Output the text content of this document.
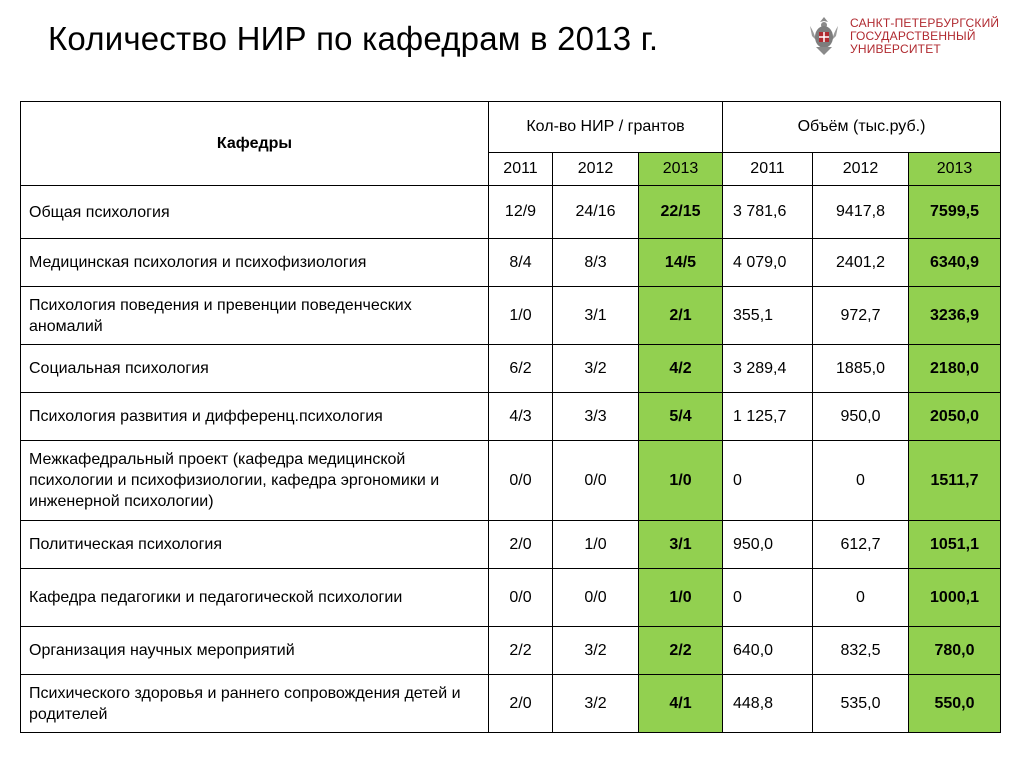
Количество НИР по кафедрам в 2013 г.	САНКТ-ПЕТЕРБУРГСКИЙ
ГОСУДАРСТВЕННЫЙ
УНИВЕРСИТЕТ
Кафедры	Кол-во НИР / грантов			Объём (тыс.руб.)		
	2011	2012	2013	2011	2012	2013
Общая психология	12/9	24/16	22/15	3 781,6	9417,8	7599,5
Медицинская психология и психофизиология	8/4	8/3	14/5	4 079,0	2401,2	6340,9
Психология поведения и превенции поведенческих аномалий	1/0	3/1	2/1	355,1	972,7	3236,9
Социальная психология	6/2	3/2	4/2	3 289,4	1885,0	2180,0
Психология развития и дифференц.психология	4/3	3/3	5/4	1 125,7	950,0	2050,0
Межкафедральный проект (кафедра медицинской психологии и психофизиологии, кафедра эргономики и инженерной психологии)	0/0	0/0	1/0	0	0	1511,7
Политическая психология	2/0	1/0	3/1	950,0	612,7	1051,1
Кафедра педагогики и педагогической психологии	0/0	0/0	1/0	0	0	1000,1
Организация научных мероприятий	2/2	3/2	2/2	640,0	832,5	780,0
Психического здоровья и раннего сопровождения детей и родителей	2/0	3/2	4/1	448,8	535,0	550,0
